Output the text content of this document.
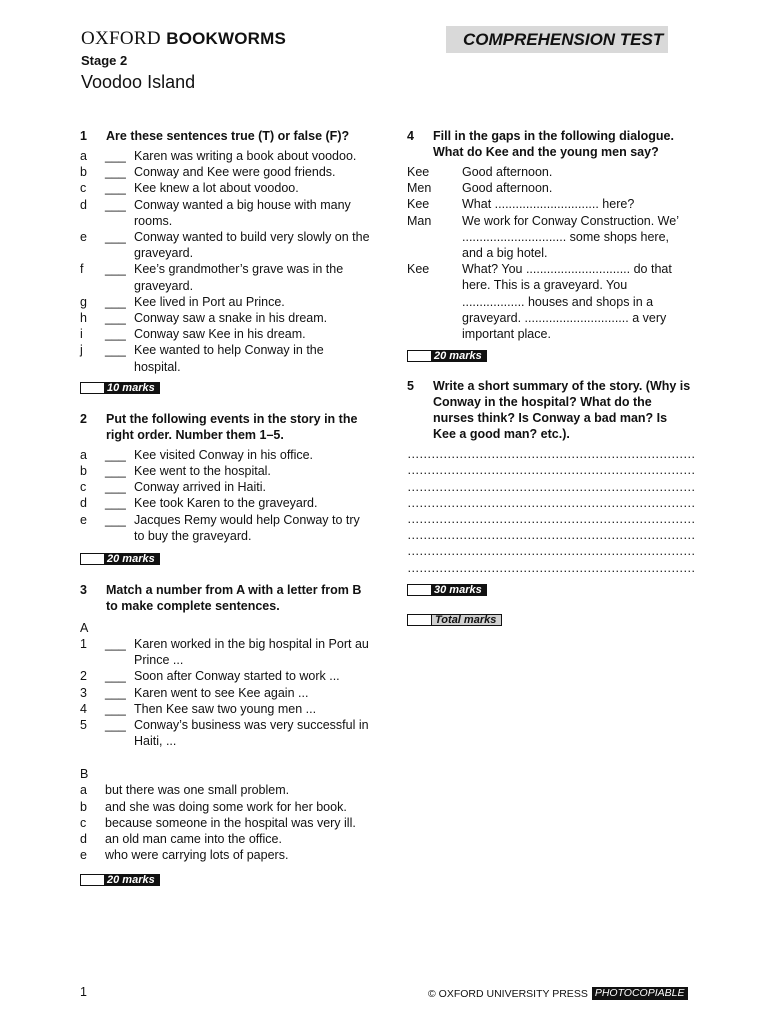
OXFORD BOOKWORMS	COMPREHENSION TEST
Stage 2
Voodoo Island
1	Are these sentences true (T) or false (F)?
a	___ Karen was writing a book about voodoo.
b	___ Conway and Kee were good friends.
c	___ Kee knew a lot about voodoo.
d	___ Conway wanted a big house with many rooms.
e	___ Conway wanted to build very slowly on the graveyard.
f	___ Kee’s grandmother’s grave was in the graveyard.
g	___ Kee lived in Port au Prince.
h	___ Conway saw a snake in his dream.
i	___ Conway saw Kee in his dream.
j	___ Kee wanted to help Conway in the hospital.
10 marks
2	Put the following events in the story in the right order. Number them 1–5.
a	___ Kee visited Conway in his office.
b	___ Kee went to the hospital.
c	___ Conway arrived in Haiti.
d	___ Kee took Karen to the graveyard.
e	___ Jacques Remy would help Conway to try to buy the graveyard.
20 marks
3	Match a number from A with a letter from B to make complete sentences.
A
1	___ Karen worked in the big hospital in Port au Prince ...
2	___ Soon after Conway started to work ...
3	___ Karen went to see Kee again ...
4	___ Then Kee saw two young men ...
5	___ Conway’s business was very successful in Haiti, ...
B
a	but there was one small problem.
b	and she was doing some work for her book.
c	because someone in the hospital was very ill.
d	an old man came into the office.
e	who were carrying lots of papers.
20 marks
4	Fill in the gaps in the following dialogue. What do Kee and the young men say?
Kee	Good afternoon.
Men	Good afternoon.
Kee	What .............................. here?
Man	We work for Conway Construction. We’ .............................. some shops here,         and a big hotel.
Kee	What? You .............................. do that here. This is a graveyard. You .................. houses and shops in a graveyard. .............................. a very important place.
20 marks
5	Write a short summary of the story. (Why is Conway in the hospital? What do the nurses think? Is Conway a bad man? Is Kee a good man? etc.).
………………………………………………………………
………………………………………………………………
………………………………………………………………
………………………………………………………………
………………………………………………………………
………………………………………………………………
………………………………………………………………
………………………………………………………………
30 marks
Total marks
1	© OXFORD UNIVERSITY PRESS PHOTOCOPIABLE
